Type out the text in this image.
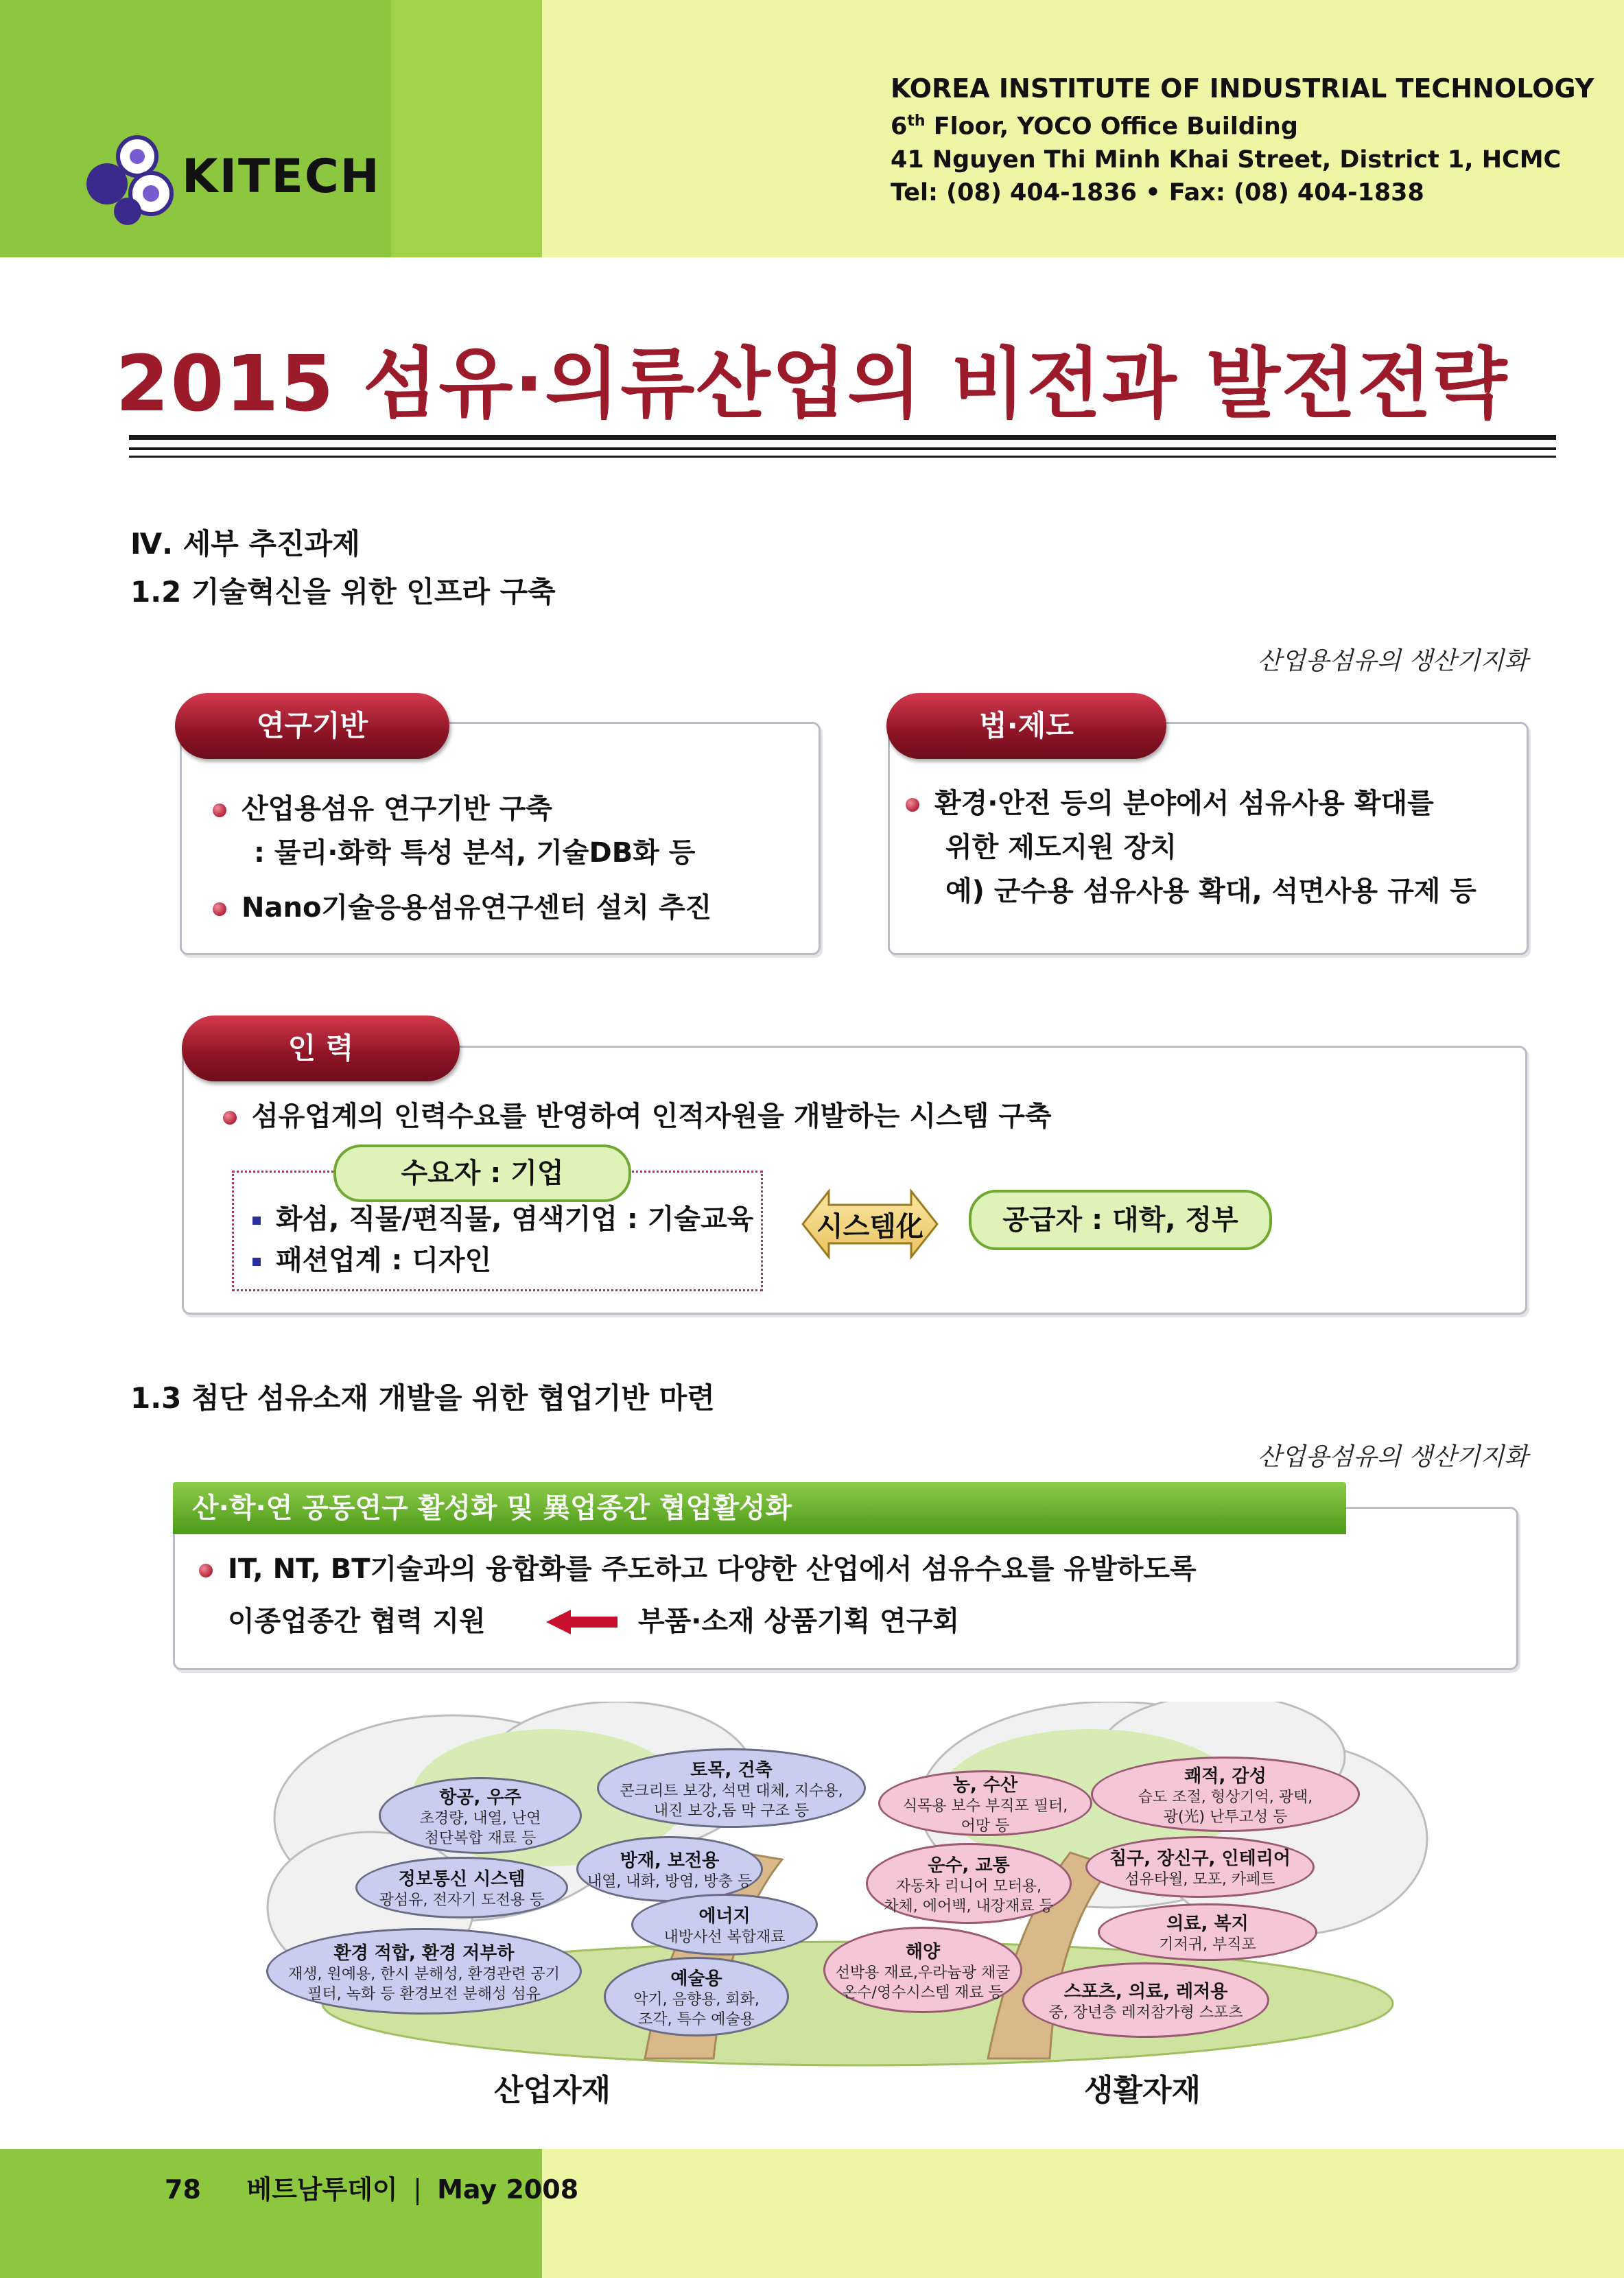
KITECH
KOREA INSTITUTE OF INDUSTRIAL TECHNOLOGY
6th Floor, YOCO Office Building
41 Nguyen Thi Minh Khai Street, District 1, HCMC
Tel: (08) 404-1836 • Fax: (08) 404-1838
2015 섬유·의류산업의 비전과 발전전략
Ⅳ. 세부 추진과제
1.2 기술혁신을 위한 인프라 구축
산업용섬유의 생산기지화
연구기반
산업용섬유 연구기반 구축
: 물리·화학 특성 분석, 기술DB화 등
Nano기술응용섬유연구센터 설치 추진
법·제도
환경·안전 등의 분야에서 섬유사용 확대를
위한 제도지원 장치
예) 군수용 섬유사용 확대, 석면사용 규제 등
인 력
섬유업계의 인력수요를 반영하여 인적자원을 개발하는 시스템 구축
수요자 : 기업
화섬, 직물/편직물, 염색기업 : 기술교육
패션업계 : 디자인
시스템化	공급자 : 대학, 정부
1.3 첨단 섬유소재 개발을 위한 협업기반 마련
산업용섬유의 생산기지화
산·학·연 공동연구 활성화 및 異업종간 협업활성화
IT, NT, BT기술과의 융합화를 주도하고 다양한 산업에서 섬유수요를 유발하도록
이종업종간 협력 지원	부품·소재 상품기획 연구회
항공, 우주
초경량, 내열, 난연
첨단복합 재료 등
토목, 건축
콘크리트 보강, 석면 대체, 지수용,
내진 보강,돔 막 구조 등
정보통신 시스템
광섬유, 전자기 도전용 등
방재, 보전용
내열, 내화, 방염, 방충 등
에너지
내방사선 복합재료
환경 적합, 환경 저부하
재생, 원예용, 한시 분해성, 환경관련 공기
필터, 녹화 등 환경보전 분해성 섬유
예술용
악기, 음향용, 회화,
조각, 특수 예술용
농, 수산
식목용 보수 부직포 필터,
어망 등
쾌적, 감성
습도 조절, 형상기억, 광택,
광(光) 난투고성 등
운수, 교통
자동차 리니어 모터용,
차체, 에어백, 내장재료 등
침구, 장신구, 인테리어
섬유타월, 모포, 카페트
의료, 복지
기저귀, 부직포
해양
선박용 재료,우라늄광 채굴
온수/영수시스템 재료 등	스포츠, 의료, 레저용
중, 장년층 레저참가형 스포츠
산업자재	생활자재
78 베트남투데이 May 2008
